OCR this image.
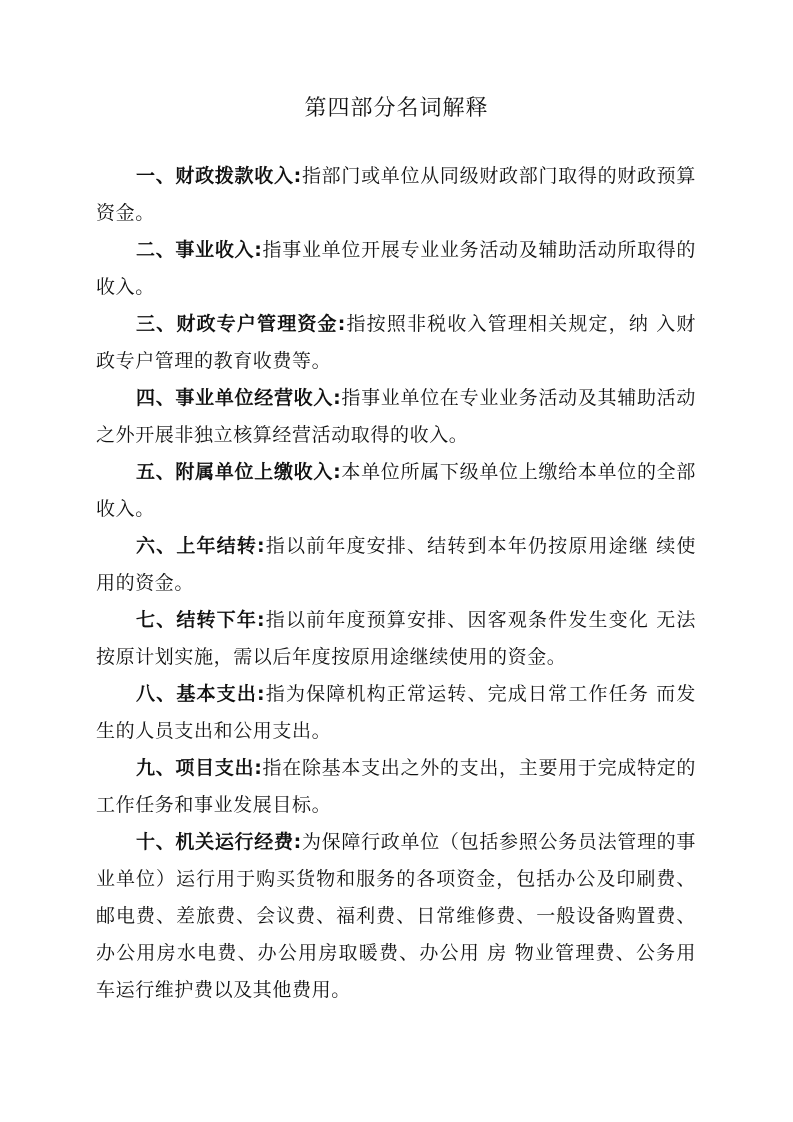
第四部分名词解释

一、财政拨款收入:指部门或单位从同级财政部门取得的财政预算资金。

二、事业收入:指事业单位开展专业业务活动及辅助活动所取得的收入。

三、财政专户管理资金:指按照非税收入管理相关规定，纳 入财政专户管理的教育收费等。

四、事业单位经营收入:指事业单位在专业业务活动及其辅助活动之外开展非独立核算经营活动取得的收入。

五、附属单位上缴收入:本单位所属下级单位上缴给本单位的全部收入。

六、上年结转:指以前年度安排、结转到本年仍按原用途继 续使用的资金。

七、结转下年:指以前年度预算安排、因客观条件发生变化 无法按原计划实施，需以后年度按原用途继续使用的资金。

八、基本支出:指为保障机构正常运转、完成日常工作任务 而发生的人员支出和公用支出。

九、项目支出:指在除基本支出之外的支出，主要用于完成特定的工作任务和事业发展目标。

十、机关运行经费:为保障行政单位（包括参照公务员法管理的事业单位）运行用于购买货物和服务的各项资金，包括办公及印刷费、邮电费、差旅费、会议费、福利费、日常维修费、一般设备购置费、办公用房水电费、办公用房取暖费、办公用 房 物业管理费、公务用车运行维护费以及其他费用。
